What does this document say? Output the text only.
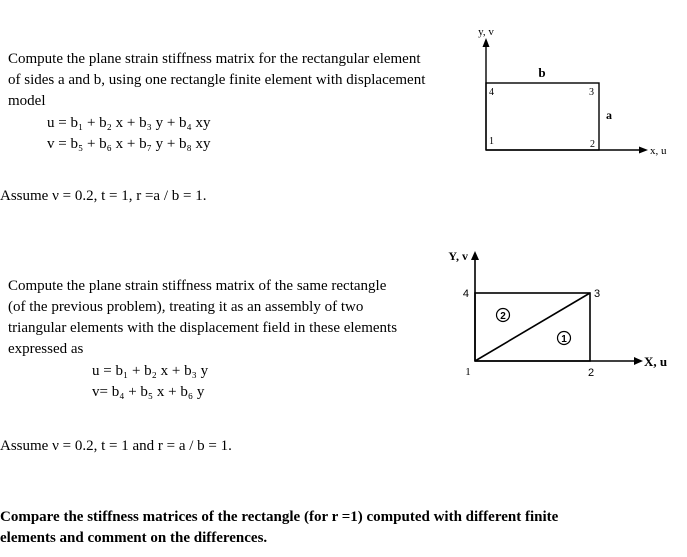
Compute the plane strain stiffness matrix for the rectangular element
of sides a and b, using one rectangle finite element with displacement
model
u = b₁ + b₂ x + b₃ y + b₄ xy
v = b₅ + b₆ x + b₇ y + b₈ xy
Assume ν = 0.2, t = 1, r =a / b = 1.
y, v
x, u
b
a
4	3
1	2
Compute the plane strain stiffness matrix of the same rectangle
(of the previous problem), treating it as an assembly of two
triangular elements with the displacement field in these elements
expressed as
u = b₁ + b₂ x + b₃ y
v= b₄ + b₅ x + b₆ y
Assume ν = 0.2, t = 1 and r = a / b = 1.
Y, v
X, u
4	3
1	2
2
1
Compare the stiffness matrices of the rectangle (for r =1) computed with different finite
elements and comment on the differences.
